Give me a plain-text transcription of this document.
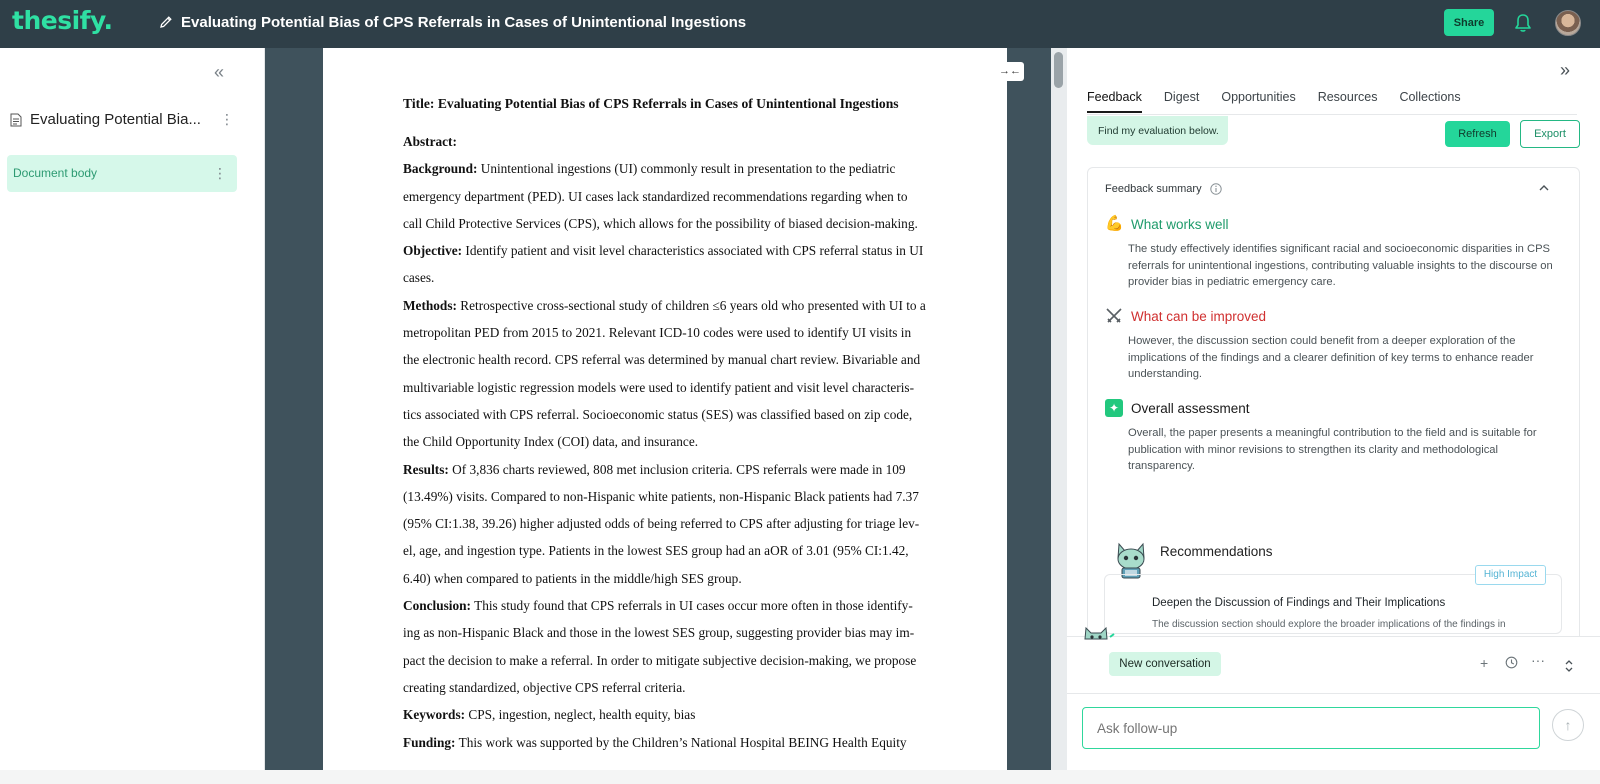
thesify.	Evaluating Potential Bias of CPS Referrals in Cases of Unintentional Ingestions	Share
«
Evaluating Potential Bia...	⋮
Document body	⋮
Title: Evaluating Potential Bias of CPS Referrals in Cases of Unintentional Ingestions
Abstract:
Background: Unintentional ingestions (UI) commonly result in presentation to the pediatric emergency department (PED). UI cases lack standardized recommendations regarding when to call Child Protective Services (CPS), which allows for the possibility of biased decision-making.
Objective: Identify patient and visit level characteristics associated with CPS referral status in UI cases.
Methods: Retrospective cross-sectional study of children ≤6 years old who presented with UI to a metropolitan PED from 2015 to 2021. Relevant ICD-10 codes were used to identify UI visits in the electronic health record. CPS referral was determined by manual chart review. Bivariable and multivariable logistic regression models were used to identify patient and visit level characteris-tics associated with CPS referral. Socioeconomic status (SES) was classified based on zip code, the Child Opportunity Index (COI) data, and insurance.
Results: Of 3,836 charts reviewed, 808 met inclusion criteria. CPS referrals were made in 109 (13.49%) visits. Compared to non-Hispanic white patients, non-Hispanic Black patients had 7.37 (95% CI:1.38, 39.26) higher adjusted odds of being referred to CPS after adjusting for triage lev-el, age, and ingestion type. Patients in the lowest SES group had an aOR of 3.01 (95% CI:1.42, 6.40) when compared to patients in the middle/high SES group.
Conclusion: This study found that CPS referrals in UI cases occur more often in those identify-ing as non-Hispanic Black and those in the lowest SES group, suggesting provider bias may im-pact the decision to make a referral. In order to mitigate subjective decision-making, we propose creating standardized, objective CPS referral criteria.
Keywords: CPS, ingestion, neglect, health equity, bias
Funding: This work was supported by the Children’s National Hospital BEING Health Equity
→←	»
Feedback Digest Opportunities Resources Collections
Find my evaluation below.	Refresh	Export
Feedback summary
💪 What works well
The study effectively identifies significant racial and socioeconomic disparities in CPS referrals for unintentional ingestions, contributing valuable insights to the discourse on provider bias in pediatric emergency care.
What can be improved
However, the discussion section could benefit from a deeper exploration of the implications of the findings and a clearer definition of key terms to enhance reader understanding.
✦ Overall assessment
Overall, the paper presents a meaningful contribution to the field and is suitable for publication with minor revisions to strengthen its clarity and methodological transparency.
Recommendations
High Impact
Deepen the Discussion of Findings and Their Implications
The discussion section should explore the broader implications of the findings in
New conversation	+	···
Ask follow-up
↑
